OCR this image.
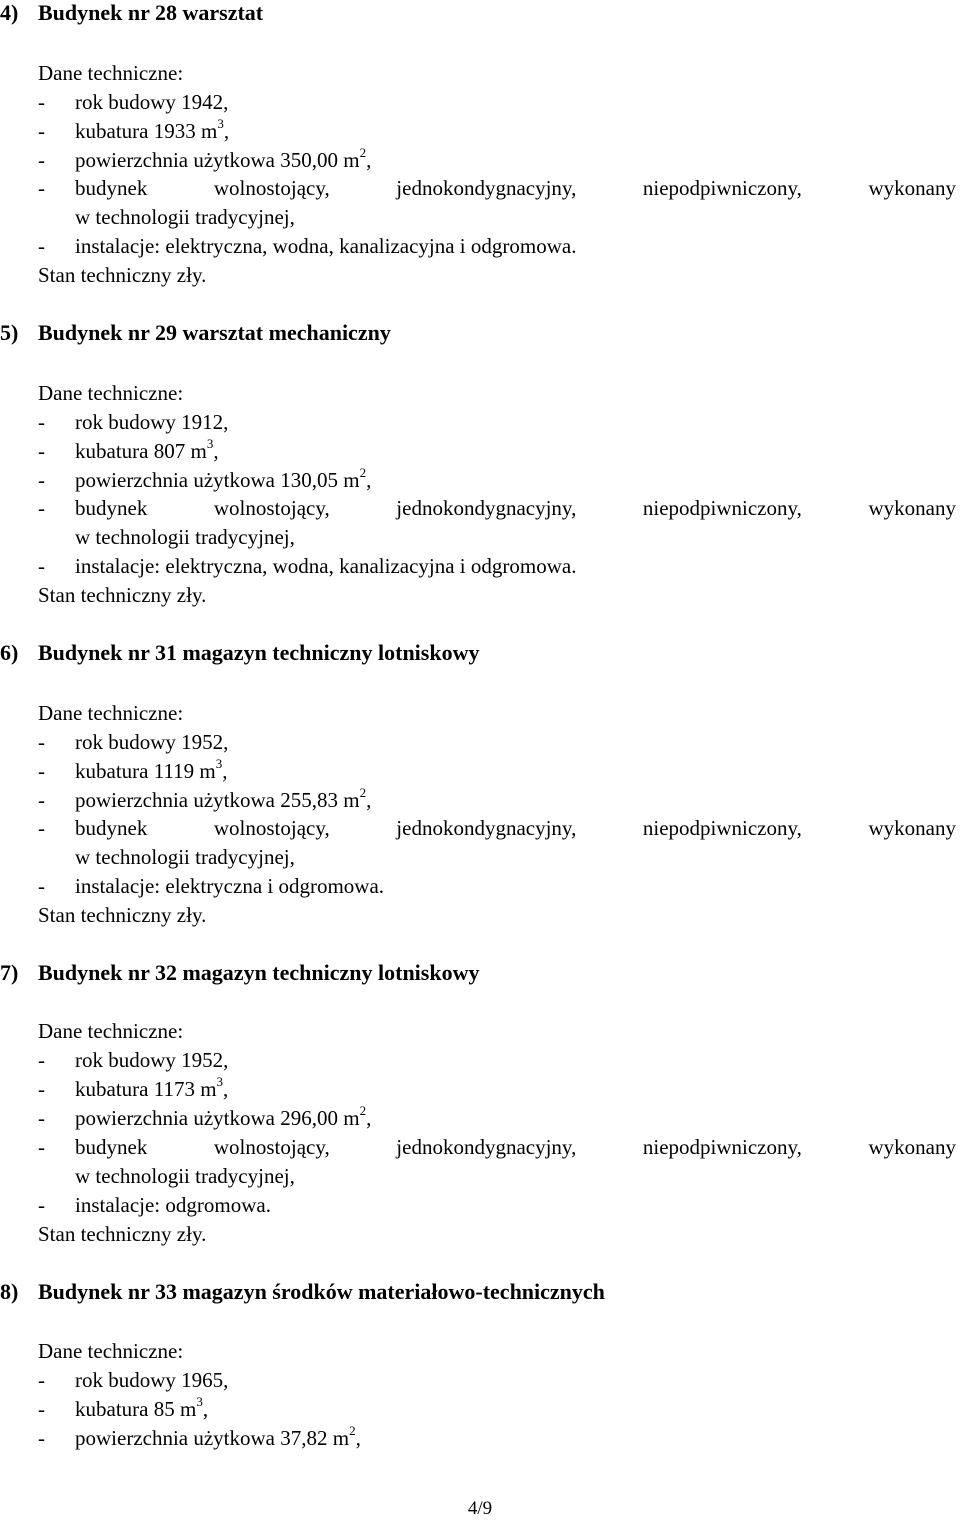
4) Budynek nr 28 warsztat
Dane techniczne:
- rok budowy 1942,
- kubatura 1933 $m^3$,
- powierzchnia użytkowa 350,00 $m^2$,
-	budynek	wolnostojący,	jednokondygnacyjny,	niepodpiwniczony,	wykonany
w technologii tradycyjnej,
- instalacje: elektryczna, wodna, kanalizacyjna i odgromowa.
Stan techniczny zły.
5) Budynek nr 29 warsztat mechaniczny
Dane techniczne:
- rok budowy 1912,
- kubatura 807 $m^3$,
- powierzchnia użytkowa 130,05 $m^2$,
-	budynek	wolnostojący,	jednokondygnacyjny,	niepodpiwniczony,	wykonany
w technologii tradycyjnej,
- instalacje: elektryczna, wodna, kanalizacyjna i odgromowa.
Stan techniczny zły.
6) Budynek nr 31 magazyn techniczny lotniskowy
Dane techniczne:
- rok budowy 1952,
- kubatura 1119 $m^3$,
- powierzchnia użytkowa 255,83 $m^2$,
-	budynek	wolnostojący,	jednokondygnacyjny,	niepodpiwniczony,	wykonany
w technologii tradycyjnej,
- instalacje: elektryczna i odgromowa.
Stan techniczny zły.
7) Budynek nr 32 magazyn techniczny lotniskowy
Dane techniczne:
- rok budowy 1952,
- kubatura 1173 $m^3$,
- powierzchnia użytkowa 296,00 $m^2$,
-	budynek	wolnostojący,	jednokondygnacyjny,	niepodpiwniczony,	wykonany
w technologii tradycyjnej,
- instalacje: odgromowa.
Stan techniczny zły.
8) Budynek nr 33 magazyn środków materiałowo-technicznych
Dane techniczne:
- rok budowy 1965,
- kubatura 85 $m^3$,
- powierzchnia użytkowa 37,82 $m^2$,
4/9
